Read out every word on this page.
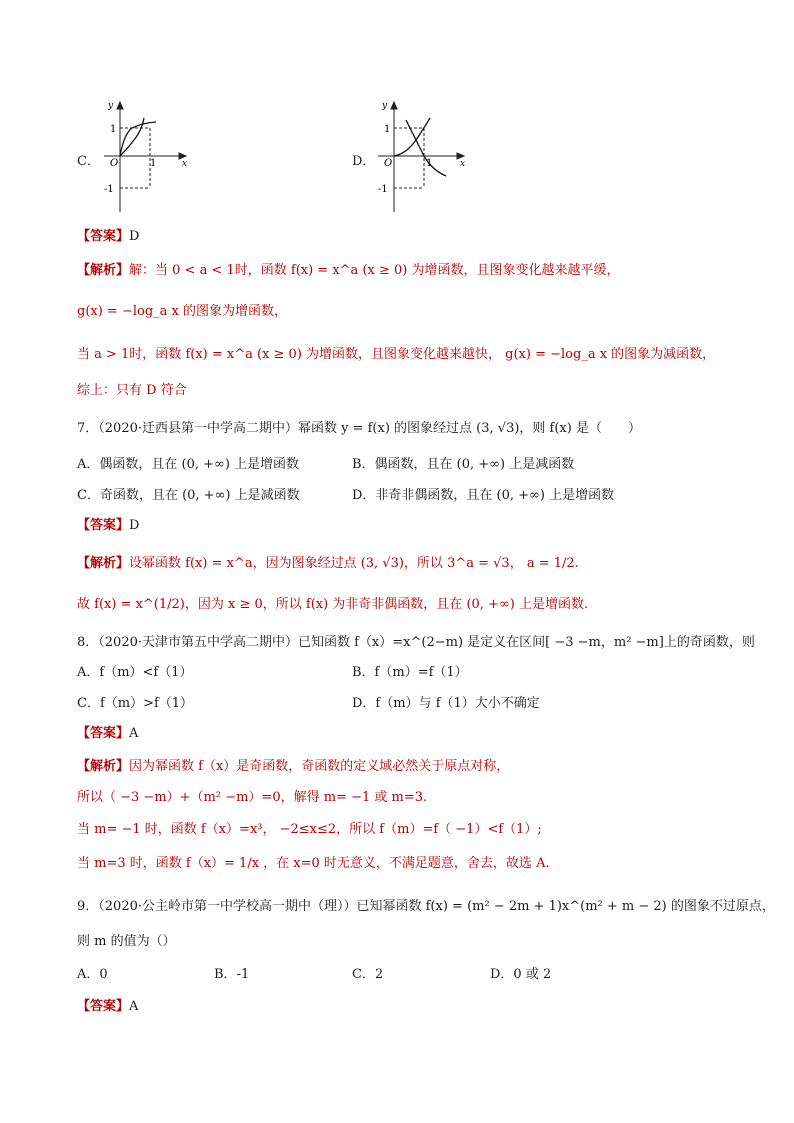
C．
y
x
O
1
1
-1
D．
y
x
O
1
1
-1
【答案】D
【解析】解：当 0 < a < 1时，函数 f(x) = x^a (x ≥ 0) 为增函数，且图象变化越来越平缓，
g(x) = −log_a x 的图象为增函数，
当 a > 1时，函数 f(x) = x^a (x ≥ 0) 为增函数，且图象变化越来越快， g(x) = −log_a x 的图象为减函数，
综上：只有 D 符合
7．（2020·迁西县第一中学高二期中）幂函数 y = f(x) 的图象经过点 (3, √3)，则 f(x) 是（　　）
A．偶函数，且在 (0, +∞) 上是增函数	B．偶函数，且在 (0, +∞) 上是减函数
C．奇函数，且在 (0, +∞) 上是减函数	D．非奇非偶函数，且在 (0, +∞) 上是增函数
【答案】D
【解析】设幂函数 f(x) = x^a，因为图象经过点 (3, √3)，所以 3^a = √3， a = 1/2.
故 f(x) = x^(1/2)，因为 x ≥ 0，所以 f(x) 为非奇非偶函数，且在 (0, +∞) 上是增函数.
8．（2020·天津市第五中学高二期中）已知函数 f（x）=x^(2−m) 是定义在区间[ −3 −m，m² −m]上的奇函数，则
A．f（m）<f（1）	B．f（m）=f（1）
C．f（m）>f（1）	D．f（m）与 f（1）大小不确定
【答案】A
【解析】因为幂函数 f（x）是奇函数，奇函数的定义域必然关于原点对称，
所以（ −3 −m）+（m² −m）=0，解得 m= −1 或 m=3.
当 m= −1 时，函数 f（x）=x³， −2≤x≤2，所以 f（m）=f（ −1）<f（1）;
当 m=3 时，函数 f（x）= 1/x ，在 x=0 时无意义，不满足题意，舍去，故选 A.
9．（2020·公主岭市第一中学校高一期中（理））已知幂函数 f(x) = (m² − 2m + 1)x^(m² + m − 2) 的图象不过原点，
则 m 的值为（）
A．0	B．-1	C．2	D．0 或 2
【答案】A
